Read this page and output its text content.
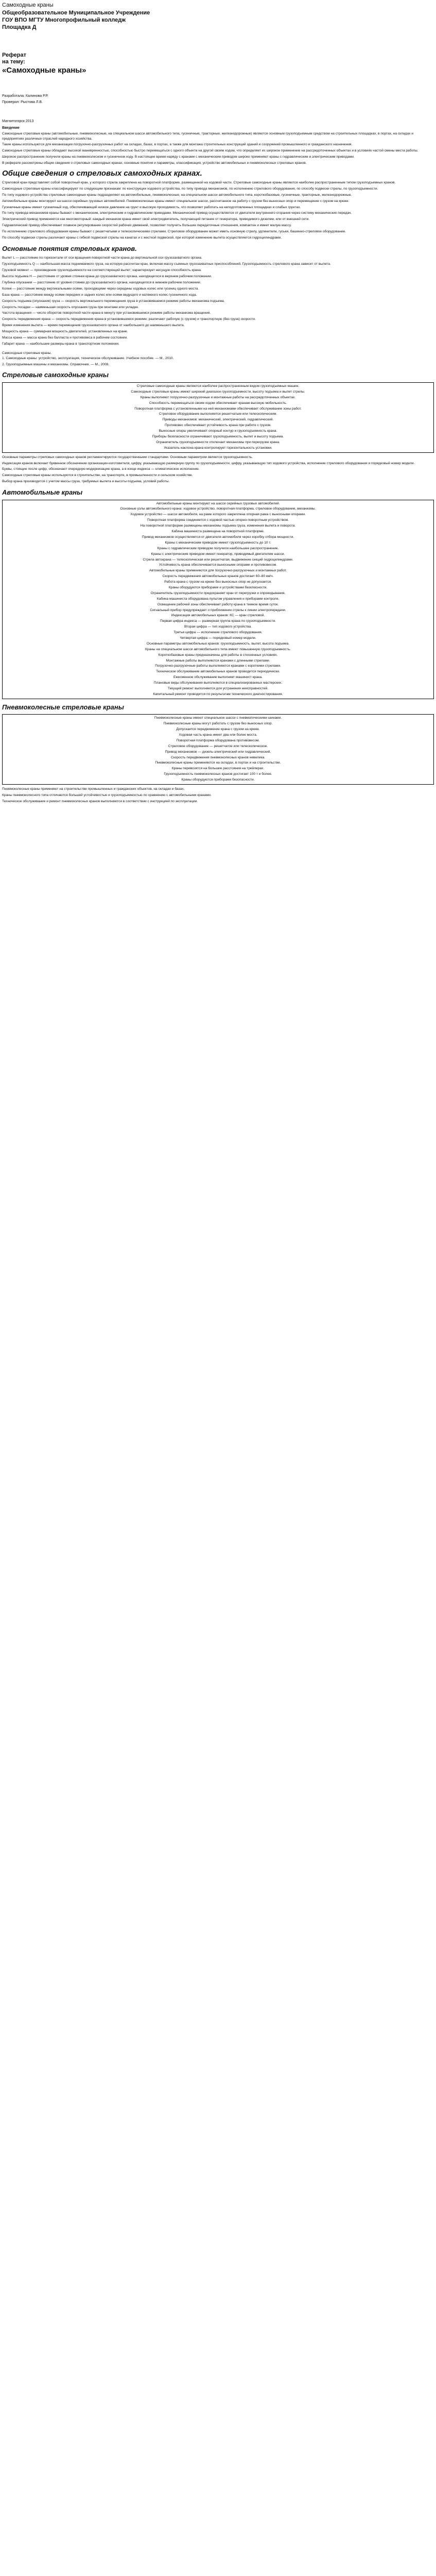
Самоходные краны
Общеобразовательное Муниципальное Учреждение
ГОУ ВПО МГТУ Многопрофильный колледж
Площадка Д
Реферат
на тему:
«Самоходные краны»
Разработала: Калинова Р.Р.
Проверил: Рыстова Л.В.
Магнитогорск 2013
Введение

Самоходные стреловые краны (автомобильные, пневмоколесные, на специальном шасси автомобильного типа, гусеничные, тракторные, железнодорожные) являются основным грузоподъемным средством на строительных площадках, в портах, на складах и предприятиях различных отраслей народного хозяйства.

Такие краны используются для механизации погрузочно-разгрузочных работ на складах, базах, в портах, а также для монтажа строительных конструкций зданий и сооружений промышленного и гражданского назначения.

Самоходные стреловые краны обладают высокой маневренностью, способностью быстро перемещаться с одного объекта на другой своим ходом, что определяет их широкое применение на рассредоточенных объектах и в условиях частой смены места работы.

Широкое распространение получили краны на пневмоколесном и гусеничном ходу. В настоящее время наряду с кранами с механическим приводом широко применяют краны с гидравлическим и электрическим приводами.

В реферате рассмотрены общие сведения о стреловых самоходных кранах, основные понятия и параметры, классификация, устройство автомобильных и пневмоколесных стреловых кранов.

Общие сведения о стреловых самоходных кранах.

Стреловой кран представляет собой поворотный кран, у которого стрела закреплена на поворотной платформе, размещенной на ходовой части. Стреловые самоходные краны являются наиболее распространенным типом грузоподъемных кранов.

Самоходные стреловые краны классифицируют по следующим признакам: по конструкции ходового устройства, по типу привода механизмов, по исполнению стрелового оборудования, по способу подвески стрелы, по грузоподъемности.

По типу ходового устройства стреловые самоходные краны подразделяют на автомобильные, пневмоколесные, на специальном шасси автомобильного типа, короткобазовые, гусеничные, тракторные, железнодорожные.

Автомобильные краны монтируют на шасси серийных грузовых автомобилей. Пневмоколесные краны имеют специальное шасси, рассчитанное на работу с грузом без выносных опор и перемещение с грузом на крюке.

Гусеничные краны имеют гусеничный ход, обеспечивающий низкое давление на грунт и высокую проходимость, что позволяет работать на неподготовленных площадках и слабых грунтах.

По типу привода механизмов краны бывают с механическим, электрическим и гидравлическим приводами. Механический привод осуществляется от двигателя внутреннего сгорания через систему механических передач.

Электрический привод применяется как многомоторный: каждый механизм крана имеет свой электродвигатель, получающий питание от генератора, приводимого дизелем, или от внешней сети.

Гидравлический привод обеспечивает плавное регулирование скоростей рабочих движений, позволяет получить большие передаточные отношения, компактен и имеет малую массу.

По исполнению стрелового оборудования краны бывают с решетчатыми и телескопическими стрелами. Стреловое оборудование может иметь основную стрелу, удлинители, гуськи, башенно-стреловое оборудование.

По способу подвески стрелы различают краны с гибкой подвеской стрелы на канатах и с жесткой подвеской, при которой изменение вылета осуществляется гидроцилиндрами.

Основные понятия стреловых кранов.

Вылет L — расстояние по горизонтали от оси вращения поворотной части крана до вертикальной оси грузозахватного органа.

Грузоподъемность Q — наибольшая масса поднимаемого груза, на которую рассчитан кран, включая массу съемных грузозахватных приспособлений. Грузоподъемность стрелового крана зависит от вылета.

Грузовой момент — произведение грузоподъемности на соответствующий вылет; характеризует несущую способность крана.

Высота подъема H — расстояние от уровня стоянки крана до грузозахватного органа, находящегося в верхнем рабочем положении.

Глубина опускания — расстояние от уровня стоянки до грузозахватного органа, находящегося в нижнем рабочем положении.

Колея — расстояние между вертикальными осями, проходящими через середины ходовых колес или гусениц одного моста.

База крана — расстояние между осями передних и задних колес или осями ведущего и натяжного колес гусеничного хода.

Скорость подъема (опускания) груза — скорость вертикального перемещения груза в установившемся режиме работы механизма подъема.

Скорость посадки — наименьшая скорость опускания груза при монтаже или укладке.

Частота вращения — число оборотов поворотной части крана в минуту при установившемся режиме работы механизма вращения.

Скорость передвижения крана — скорость передвижения крана в установившемся режиме; различают рабочую (с грузом) и транспортную (без груза) скорости.

Время изменения вылета — время перемещения грузозахватного органа от наибольшего до наименьшего вылета.

Мощность крана — суммарная мощность двигателей, установленных на кране.

Масса крана — масса крана без балласта и противовеса в рабочем состоянии.

Габарит крана — наибольшие размеры крана в транспортном положении.

Самоходные стреловые краны.

1. Самоходные краны: устройство, эксплуатация, техническое обслуживание. Учебное пособие. — М., 2010.

2. Грузоподъемные машины и механизмы. Справочник. — М., 2008.

Стреловые самоходные краны

Стреловые самоходные краны являются наиболее распространенным видом грузоподъемных машин.

Самоходные стреловые краны имеют широкий диапазон грузоподъемности, высоту подъема и вылет стрелы.

Краны выполняют погрузочно-разгрузочные и монтажные работы на рассредоточенных объектах.

Способность перемещаться своим ходом обеспечивает кранам высокую мобильность.

Поворотная платформа с установленными на ней механизмами обеспечивает обслуживание зоны работ.

Стреловое оборудование выполняется решетчатым или телескопическим.

Приводы механизмов: механический, электрический, гидравлический.

Противовес обеспечивает устойчивость крана при работе с грузом.

Выносные опоры увеличивают опорный контур и грузоподъемность крана.

Приборы безопасности ограничивают грузоподъемность, вылет и высоту подъема.

Ограничитель грузоподъемности отключает механизмы при перегрузке крана.

Указатель наклона крана контролирует горизонтальность установки.

Основные параметры стреловых самоходных кранов регламентируются государственными стандартами. Основным параметром является грузоподъемность.

Индексация кранов включает буквенное обозначение организации-изготовителя, цифру, указывающую размерную группу по грузоподъемности, цифру, указывающую тип ходового устройства, исполнение стрелового оборудования и порядковый номер модели.

Буквы, стоящие после цифр, обозначают очередную модернизацию крана, а в конце индекса — климатическое исполнение.

Самоходные стреловые краны используются в строительстве, на транспорте, в промышленности и сельском хозяйстве.

Выбор крана производится с учетом массы груза, требуемых вылета и высоты подъема, условий работы.

Автомобильные краны

Автомобильные краны монтируют на шасси серийных грузовых автомобилей.

Основные узлы автомобильного крана: ходовое устройство, поворотная платформа, стреловое оборудование, механизмы.

Ходовое устройство — шасси автомобиля, на раме которого закреплена опорная рама с выносными опорами.

Поворотная платформа соединяется с ходовой частью опорно-поворотным устройством.

На поворотной платформе размещены механизмы подъема груза, изменения вылета и поворота.

Кабина машиниста размещена на поворотной платформе.

Привод механизмов осуществляется от двигателя автомобиля через коробку отбора мощности.

Краны с механическим приводом имеют грузоподъемность до 10 т.

Краны с гидравлическим приводом получили наибольшее распространение.

Краны с электрическим приводом имеют генератор, приводимый двигателем шасси.

Стрела автокрана — телескопическая или решетчатая, выдвижение секций гидроцилиндрами.

Устойчивость крана обеспечивается выносными опорами и противовесом.

Автомобильные краны применяются для погрузочно-разгрузочных и монтажных работ.

Скорость передвижения автомобильных кранов достигает 60–80 км/ч.

Работа крана с грузом на крюке без выносных опор не допускается.

Краны оборудуются приборами и устройствами безопасности.

Ограничитель грузоподъемности предохраняет кран от перегрузки и опрокидывания.

Кабина машиниста оборудована пультом управления и приборами контроля.

Освещение рабочей зоны обеспечивает работу крана в темное время суток.

Сигнальный прибор предупреждает о приближении стрелы к линии электропередачи.

Индексация автомобильных кранов: КС — кран стреловой.

Первая цифра индекса — размерная группа крана по грузоподъемности.

Вторая цифра — тип ходового устройства.

Третья цифра — исполнение стрелового оборудования.

Четвертая цифра — порядковый номер модели.

Основные параметры автомобильных кранов: грузоподъемность, вылет, высота подъема.

Краны на специальном шасси автомобильного типа имеют повышенную грузоподъемность.

Короткобазовые краны предназначены для работы в стесненных условиях.

Монтажные работы выполняются кранами с длинными стрелами.

Погрузочно-разгрузочные работы выполняются кранами с короткими стрелами.

Техническое обслуживание автомобильных кранов проводится периодически.

Ежесменное обслуживание выполняет машинист крана.

Плановые виды обслуживания выполняются в специализированных мастерских.

Текущий ремонт выполняется для устранения неисправностей.

Капитальный ремонт проводится по результатам технического диагностирования.

Пневмоколесные стреловые краны

Пневмоколесные краны имеют специальное шасси с пневматическими шинами.

Пневмоколесные краны могут работать с грузом без выносных опор.

Допускается передвижение крана с грузом на крюке.

Ходовая часть крана имеет два или более моста.

Поворотная платформа оборудована противовесом.

Стреловое оборудование — решетчатое или телескопическое.

Привод механизмов — дизель-электрический или гидравлический.

Скорость передвижения пневмоколесных кранов невелика.

Пневмоколесные краны применяются на складах, в портах и на строительстве.

Краны перевозятся на большие расстояния на трейлерах.

Грузоподъемность пневмоколесных кранов достигает 100 т и более.

Краны оборудуются приборами безопасности.

Пневмоколесные краны применяют на строительстве промышленных и гражданских объектов, на складах и базах.

Краны пневмоколесного типа отличаются большей устойчивостью и грузоподъемностью по сравнению с автомобильными кранами.

Техническое обслуживание и ремонт пневмоколесных кранов выполняются в соответствии с инструкцией по эксплуатации.
